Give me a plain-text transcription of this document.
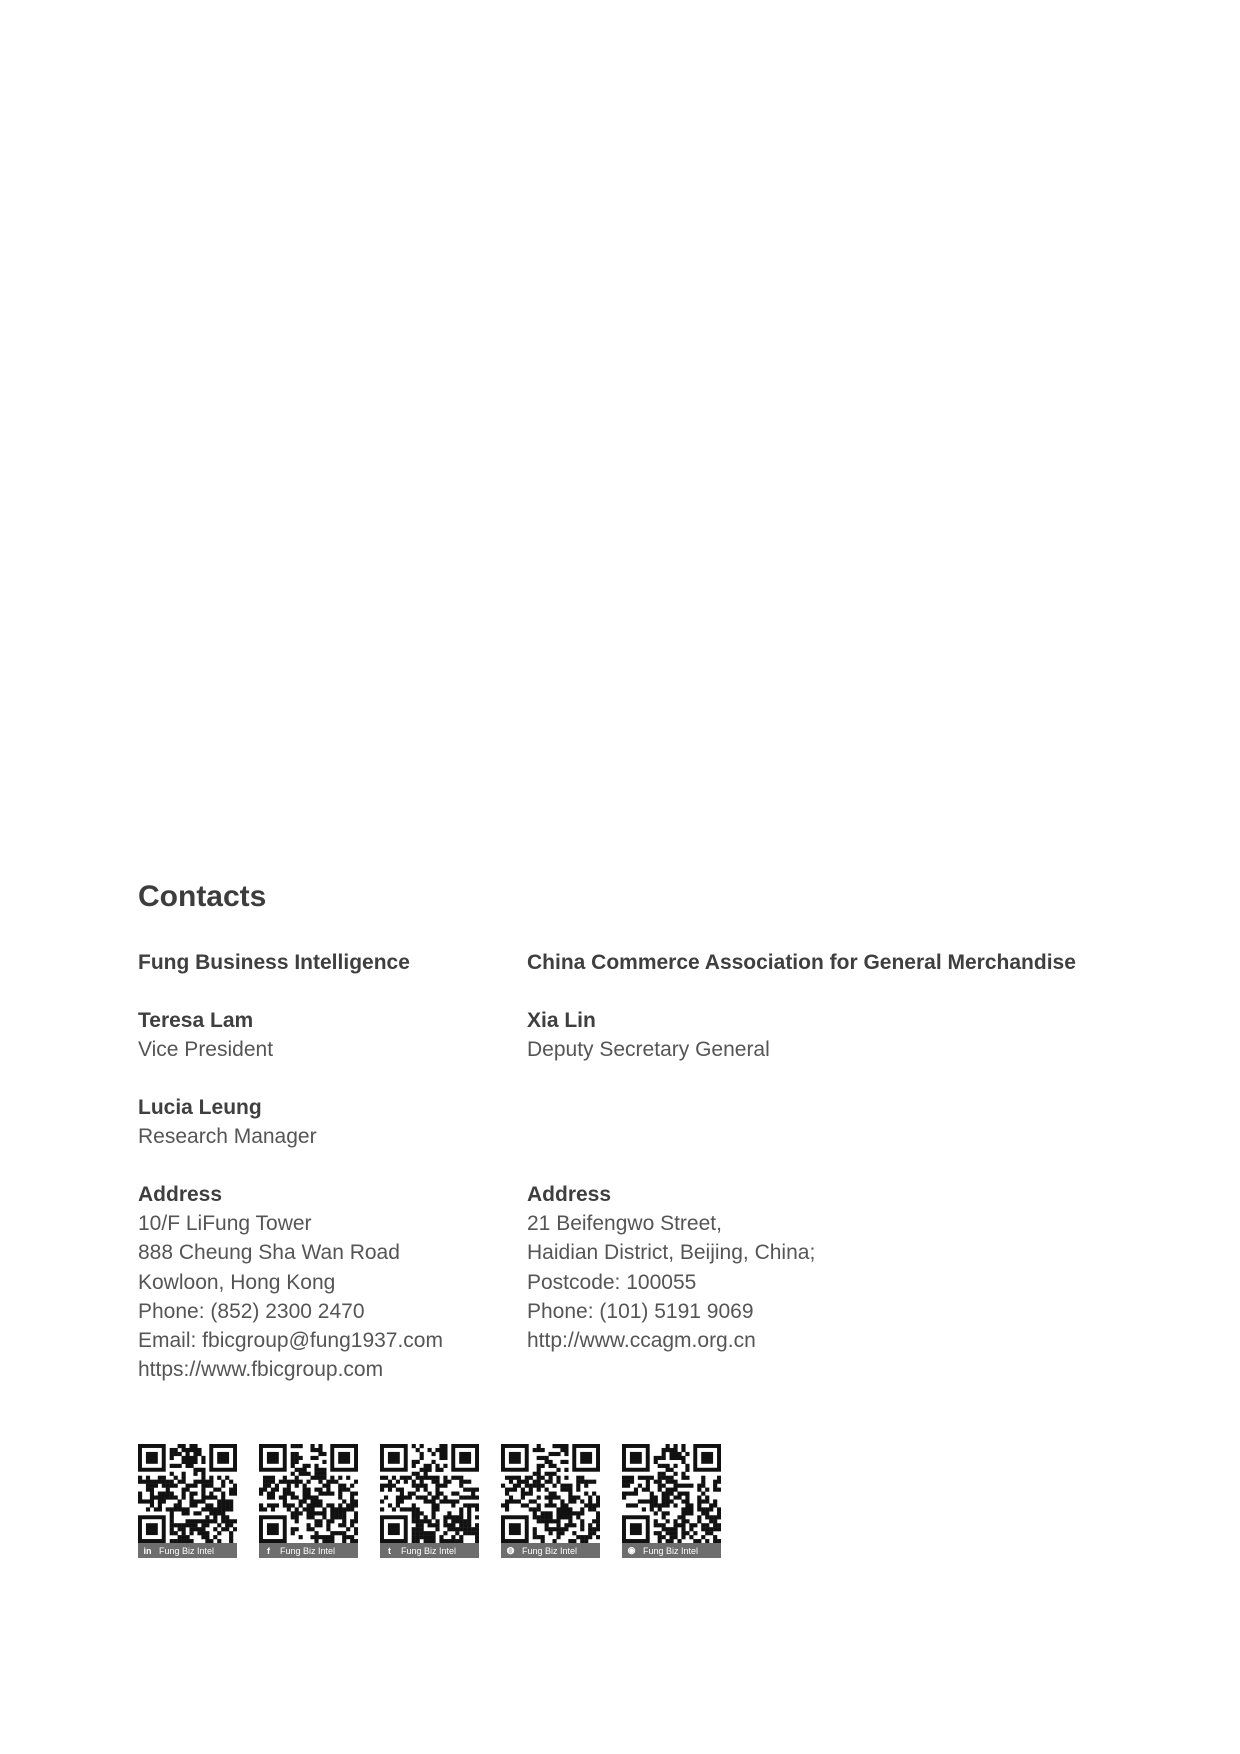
Contacts
Fung Business Intelligence
Teresa Lam
Vice President
Lucia Leung
Research Manager
Address
10/F LiFung Tower
888 Cheung Sha Wan Road
Kowloon, Hong Kong
Phone: (852) 2300 2470
Email: fbicgroup@fung1937.com
https://www.fbicgroup.com
China Commerce Association for General Merchandise
Xia Lin
Deputy Secretary General
Address
21 Beifengwo Street,
Haidian District, Beijing, China;
Postcode: 100055
Phone: (101) 5191 9069
http://www.ccagm.org.cn
in Fung Biz Intel	f	Fung Biz Intel	t	Fung Biz Intel	◍ Fung Biz Intel	◉ Fung Biz Intel
